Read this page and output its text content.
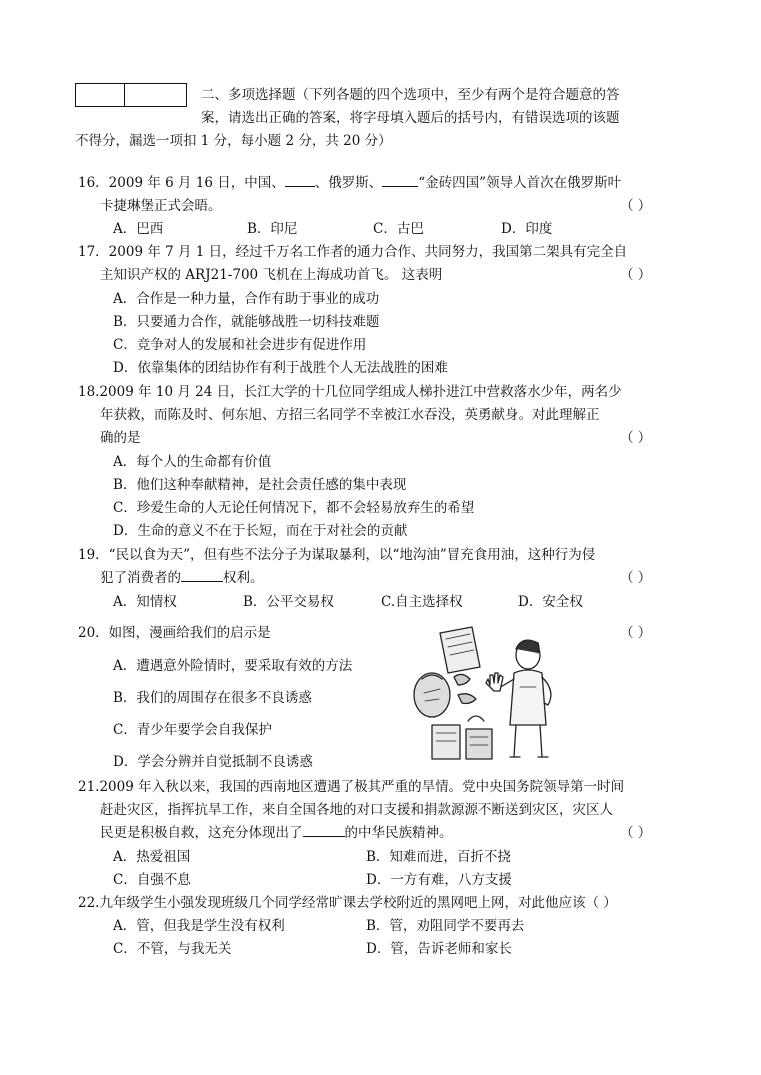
二、多项选择题（下列各题的四个选项中，至少有两个是符合题意的答
案，请选出正确的答案，将字母填入题后的括号内，有错误选项的该题
不得分，漏选一项扣 1 分，每小题 2 分，共 20 分）
16．2009 年 6 月 16 日，中国、 、俄罗斯、	“金砖四国”领导人首次在俄罗斯叶
卡捷琳堡正式会晤。	（ ）
A．巴西	B．印尼	C．古巴	D．印度
17．2009 年 7 月 1 日，经过千万名工作者的通力合作、共同努力，我国第二架具有完全自
主知识产权的 ARJ21-700 飞机在上海成功首飞。 这表明	（ ）
A．合作是一种力量，合作有助于事业的成功
B．只要通力合作，就能够战胜一切科技难题
C．竞争对人的发展和社会进步有促进作用
D．依靠集体的团结协作有利于战胜个人无法战胜的困难
18.2009 年 10 月 24 日，长江大学的十几位同学组成人梯扑进江中营救落水少年，两名少
年获救，而陈及时、何东旭、方招三名同学不幸被江水吞没，英勇献身。对此理解正
确的是	（ ）
A．每个人的生命都有价值
B．他们这种奉献精神，是社会责任感的集中表现
C．珍爱生命的人无论任何情况下，都不会轻易放弃生的希望
D．生命的意义不在于长短，而在于对社会的贡献
19．“民以食为天”，但有些不法分子为谋取暴利，以“地沟油”冒充食用油，这种行为侵
犯了消费者的	权利。	（ ）
A．知情权	B．公平交易权	C.自主选择权	D．安全权
20．如图，漫画给我们的启示是	（ ）
A．遭遇意外险情时，要采取有效的方法
B．我们的周围存在很多不良诱惑
C．青少年要学会自我保护
D．学会分辨并自觉抵制不良诱惑
21.2009 年入秋以来，我国的西南地区遭遇了极其严重的旱情。党中央国务院领导第一时间
赶赴灾区，指挥抗旱工作，来自全国各地的对口支援和捐款源源不断送到灾区，灾区人
民更是积极自救，这充分体现出了	的中华民族精神。	（ ）
A．热爱祖国	B．知难而进，百折不挠
C．自强不息	D．一方有难，八方支援
22.九年级学生小强发现班级几个同学经常旷课去学校附近的黑网吧上网，对此他应该（ ）
A．管，但我是学生没有权利	B．管，劝阻同学不要再去
C．不管，与我无关	D．管，告诉老师和家长
